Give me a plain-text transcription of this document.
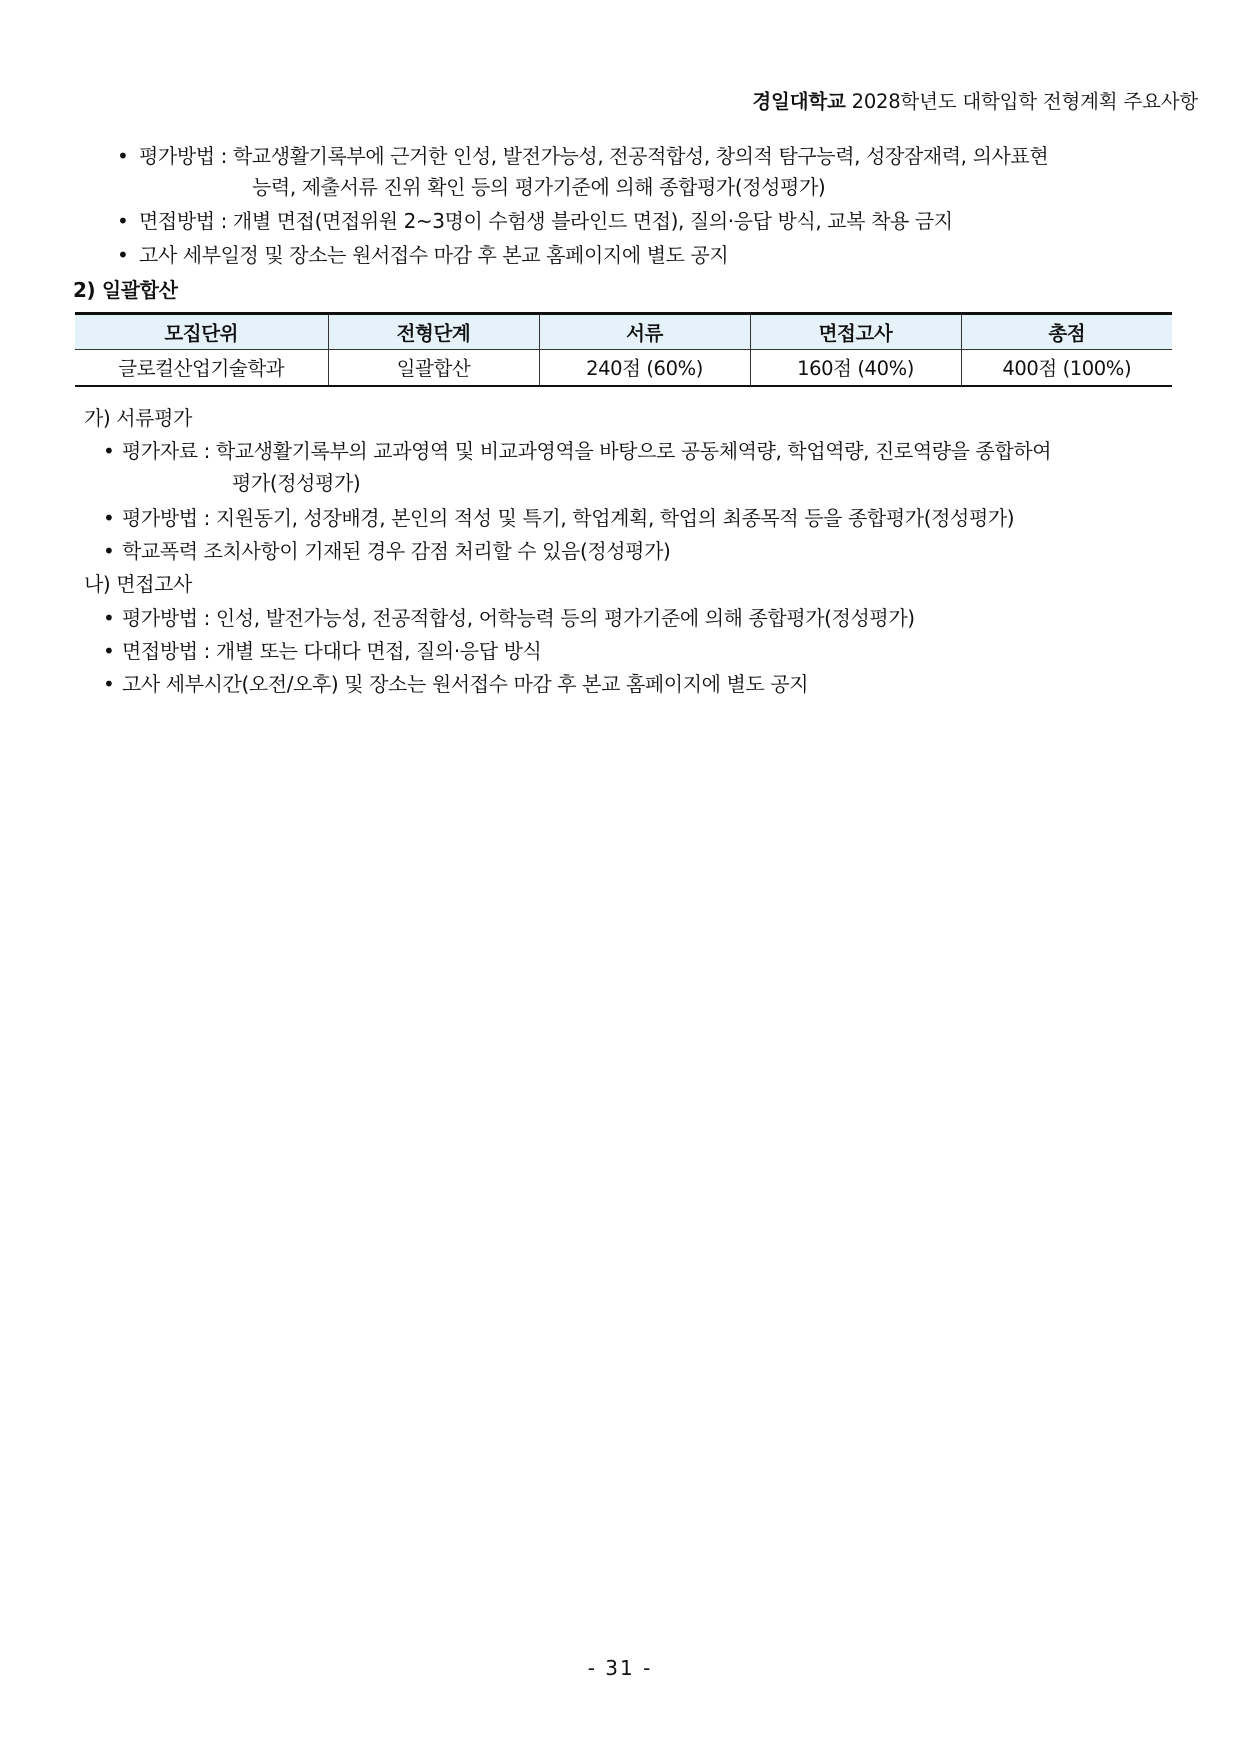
경일대학교 2028학년도 대학입학 전형계획 주요사항
• 평가방법 : 학교생활기록부에 근거한 인성, 발전가능성, 전공적합성, 창의적 탐구능력, 성장잠재력, 의사표현
능력, 제출서류 진위 확인 등의 평가기준에 의해 종합평가(정성평가)
• 면접방법 : 개별 면접(면접위원 2~3명이 수험생 블라인드 면접), 질의·응답 방식, 교복 착용 금지
• 고사 세부일정 및 장소는 원서접수 마감 후 본교 홈페이지에 별도 공지
2) 일괄합산
모집단위	전형단계	서류	면접고사	총점
글로컬산업기술학과	일괄합산	240점 (60%)	160점 (40%)	400점 (100%)
가) 서류평가
• 평가자료 : 학교생활기록부의 교과영역 및 비교과영역을 바탕으로 공동체역량, 학업역량, 진로역량을 종합하여
평가(정성평가)
• 평가방법 : 지원동기, 성장배경, 본인의 적성 및 특기, 학업계획, 학업의 최종목적 등을 종합평가(정성평가)
• 학교폭력 조치사항이 기재된 경우 감점 처리할 수 있음(정성평가)
나) 면접고사
• 평가방법 : 인성, 발전가능성, 전공적합성, 어학능력 등의 평가기준에 의해 종합평가(정성평가)
• 면접방법 : 개별 또는 다대다 면접, 질의·응답 방식
• 고사 세부시간(오전/오후) 및 장소는 원서접수 마감 후 본교 홈페이지에 별도 공지
- 31 -
